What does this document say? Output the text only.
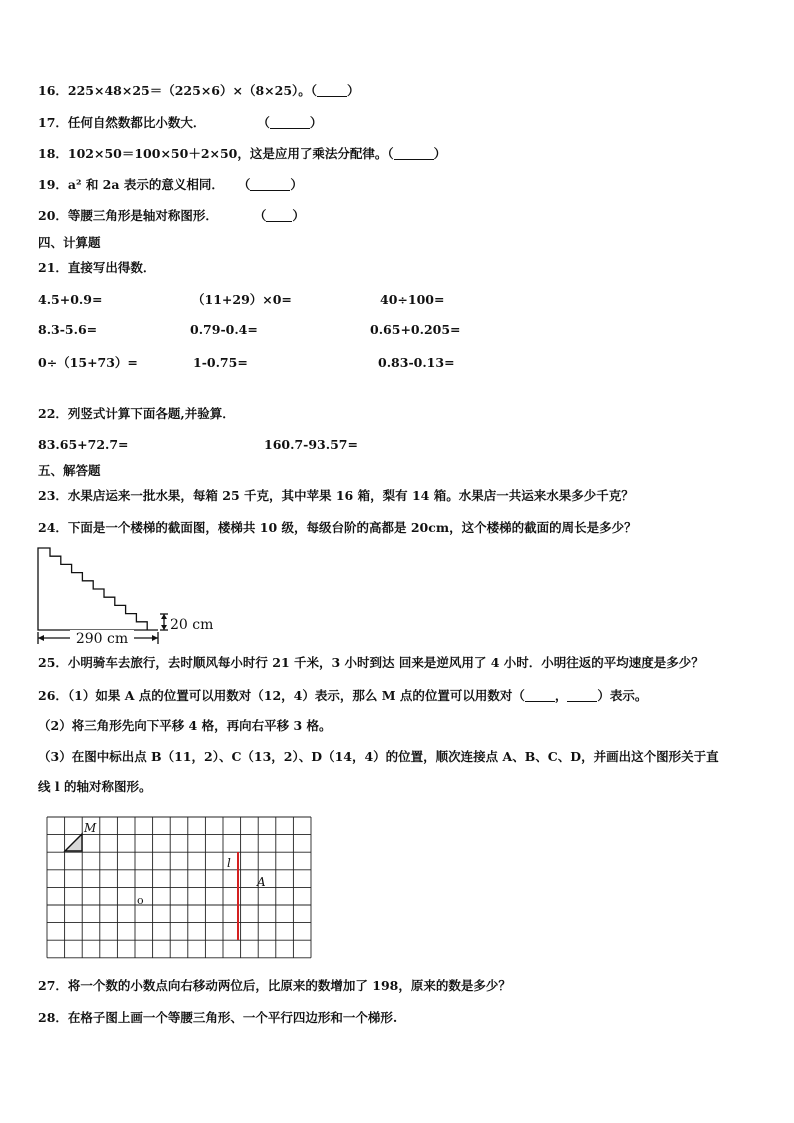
16．225×48×25＝（225×6）×（8×25）。（ ）
17．任何自然数都比小数大．	（	）
18．102×50＝100×50＋2×50，这是应用了乘法分配律。（	）
19．a² 和 2a 表示的意义相同． （	）
20．等腰三角形是轴对称图形．	（ ）
四、计算题
21．直接写出得数．
4.5+0.9=	（11+29）×0=	40÷100=
8.3-5.6=	0.79-0.4=	0.65+0.205=
0÷（15+73）=	1-0.75=	0.83-0.13=
22．列竖式计算下面各题,并验算．
83.65+72.7=	160.7-93.57=
五、解答题
23．水果店运来一批水果，每箱 25 千克，其中苹果 16 箱，梨有 14 箱。水果店一共运来水果多少千克？
24．下面是一个楼梯的截面图，楼梯共 10 级，每级台阶的高都是 20cm，这个楼梯的截面的周长是多少？
290 cm
20 cm
25．小明骑车去旅行，去时顺风每小时行 21 千米，3 小时到达 回来是逆风用了 4 小时．小明往返的平均速度是多少？
26．（1）如果 A 点的位置可以用数对（12，4）表示，那么 M 点的位置可以用数对（ ， ）表示。
（2）将三角形先向下平移 4 格，再向右平移 3 格。
（3）在图中标出点 B（11，2）、C（13，2）、D（14，4）的位置，顺次连接点 A、B、C、D，并画出这个图形关于直
线 l 的轴对称图形。
M
l
A
o
27．将一个数的小数点向右移动两位后，比原来的数增加了 198，原来的数是多少？
28．在格子图上画一个等腰三角形、一个平行四边形和一个梯形.
